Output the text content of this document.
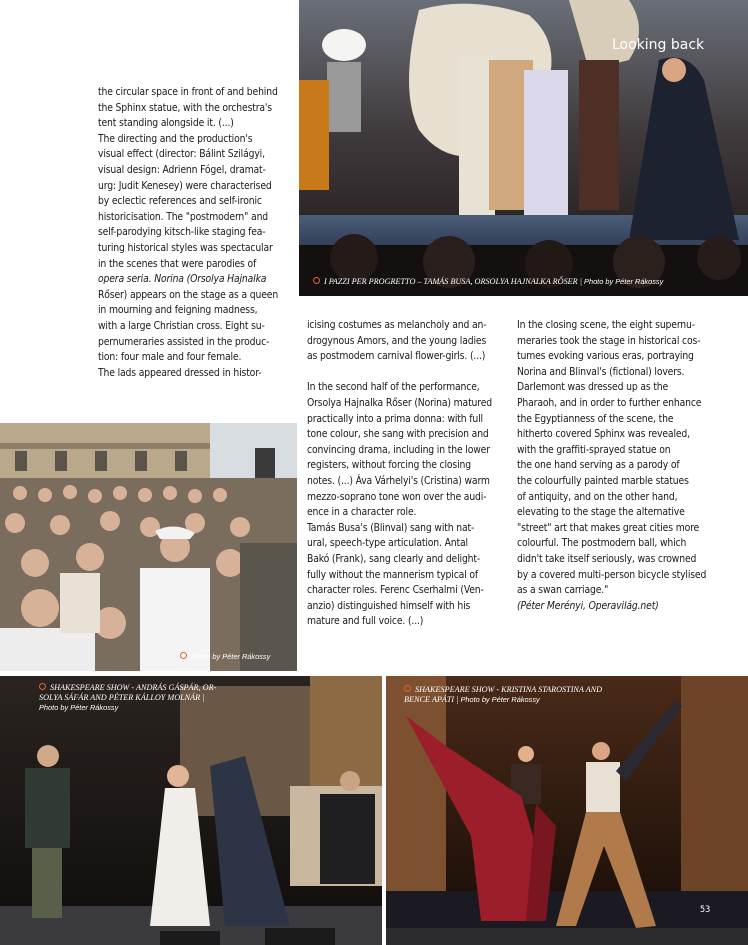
Looking back
I PAZZI PER PROGRETTO – TAMÁS BUSA, ORSOLYA HAJNALKA RŐSER | Photo by Péter Rákossy

the circular space in front of and behind

the Sphinx statue, with the orchestra's

tent standing alongside it. (...)

The directing and the production's

visual effect (director: Bálint Szilágyi,

visual design: Adrienn Fógel, dramat-

urg: Judit Kenesey) were characterised

by eclectic references and self-ironic

historicisation. The "postmodern" and

self-parodying kitsch-like staging fea-

turing historical styles was spectacular

in the scenes that were parodies of

opera seria. Norina (Orsolya Hajnalka

Rőser) appears on the stage as a queen

in mourning and feigning madness,

with a large Christian cross. Eight su-

pernumeraries assisted in the produc-

tion: four male and four female.

The lads appeared dressed in histor-

icising costumes as melancholy and an-

drogynous Amors, and the young ladies

as postmodern carnival flower-girls. (...)

In the second half of the performance,

Orsolya Hajnalka Rőser (Norina) matured

practically into a prima donna: with full

tone colour, she sang with precision and

convincing drama, including in the lower

registers, without forcing the closing

notes. (...) Áva Várhelyi's (Cristina) warm

mezzo-soprano tone won over the audi-

ence in a character role.

Tamás Busa's (Blinval) sang with nat-

ural, speech-type articulation. Antal

Bakó (Frank), sang clearly and delight-

fully without the mannerism typical of

character roles. Ferenc Cserhalmi (Ven-

anzio) distinguished himself with his

mature and full voice. (...)

In the closing scene, the eight supernu-

meraries took the stage in historical cos-

tumes evoking various eras, portraying

Norina and Blinval's (fictional) lovers.

Darlemont was dressed up as the

Pharaoh, and in order to further enhance

the Egyptianness of the scene, the

hitherto covered Sphinx was revealed,

with the graffiti-sprayed statue on

the one hand serving as a parody of

the colourfully painted marble statues

of antiquity, and on the other hand,

elevating to the stage the alternative

"street" art that makes great cities more

colourful. The postmodern ball, which

didn't take itself seriously, was crowned

by a covered multi-person bicycle stylised

as a swan carriage."

(Péter Merényi, Operavilág.net)

Photo by Péter Rákossy
SHAKESPEARE SHOW - ANDRÁS GÁSPÁR, OR-
SOLYA SÁFÁR AND PÉTER KÁLLOY MOLNÁR |
Photo by Péter Rákossy
SHAKESPEARE SHOW - KRISTINA STAROSTINA AND
BENCE APÁTI | Photo by Péter Rákossy
53
